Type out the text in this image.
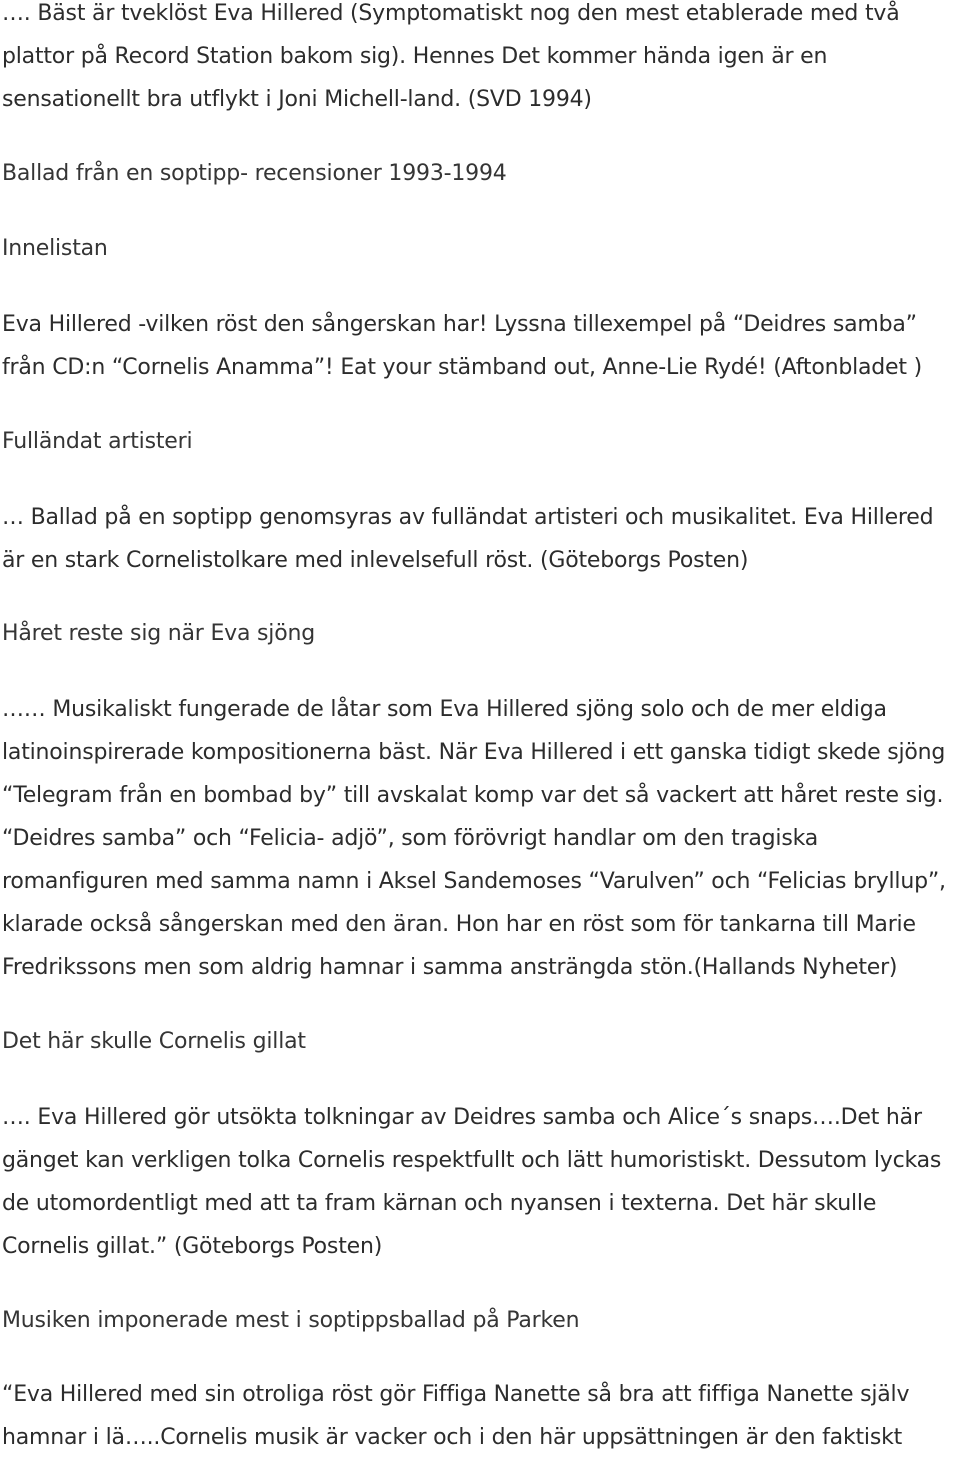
…. Bäst är tveklöst Eva Hillered (Symptomatiskt nog den mest etablerade med två plattor på Record Station bakom sig). Hennes Det kommer hända igen är en sensationellt bra utflykt i Joni Michell-land. (SVD 1994)

Ballad från en soptipp- recensioner 1993-1994
Innelistan

Eva Hillered -vilken röst den sångerskan har! Lyssna tillexempel på “Deidres samba” från CD:n “Cornelis Anamma”! Eat your stämband out, Anne-Lie Rydé! (Aftonbladet )

Fulländat artisteri

… Ballad på en soptipp genomsyras av fulländat artisteri och musikalitet. Eva Hillered är en stark Cornelistolkare med inlevelsefull röst. (Göteborgs Posten)

Håret reste sig när Eva sjöng

…… Musikaliskt fungerade de låtar som Eva Hillered sjöng solo och de mer eldiga latinoinspirerade kompositionerna bäst. När Eva Hillered i ett ganska tidigt skede sjöng “Telegram från en bombad by” till avskalat komp var det så vackert att håret reste sig. “Deidres samba” och “Felicia- adjö”, som förövrigt handlar om den tragiska romanfiguren med samma namn i Aksel Sandemoses “Varulven” och “Felicias bryllup”, klarade också sångerskan med den äran. Hon har en röst som för tankarna till Marie Fredrikssons men som aldrig hamnar i samma ansträngda stön.(Hallands Nyheter)

Det här skulle Cornelis gillat

…. Eva Hillered gör utsökta tolkningar av Deidres samba och Alice´s snaps….Det här gänget kan verkligen tolka Cornelis respektfullt och lätt humoristiskt. Dessutom lyckas de utomordentligt med att ta fram kärnan och nyansen i texterna. Det här skulle Cornelis gillat.” (Göteborgs Posten)

Musiken imponerade mest i soptippsballad på Parken

“Eva Hillered med sin otroliga röst gör Fiffiga Nanette så bra att fiffiga Nanette själv hamnar i lä…..Cornelis musik är vacker och i den här uppsättningen är den faktiskt
